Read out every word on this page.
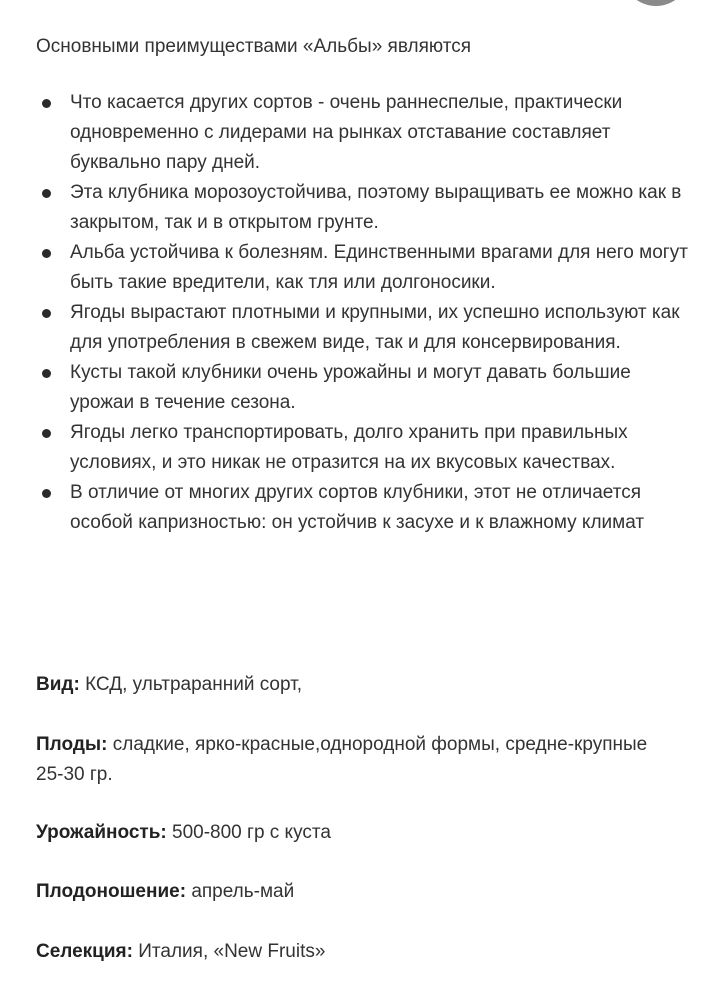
Основными преимуществами «Альбы» являются

Что касается других сортов - очень раннеспелые, практически одновременно с лидерами на рынках отставание составляет буквально пару дней.
Эта клубника морозоустойчива, поэтому выращивать ее можно как в закрытом, так и в открытом грунте.
Альба устойчива к болезням. Единственными врагами для него могут быть такие вредители, как тля или долгоносики.
Ягоды вырастают плотными и крупными, их успешно используют как для употребления в свежем виде, так и для консервирования.
Кусты такой клубники очень урожайны и могут давать большие урожаи в течение сезона.
Ягоды легко транспортировать, долго хранить при правильных условиях, и это никак не отразится на их вкусовых качествах.
В отличие от многих других сортов клубники, этот не отличается особой капризностью: он устойчив к засухе и к влажному климат

Вид: КСД, ультраранний сорт,

Плоды: сладкие, ярко-красные,однородной формы, средне-крупные 25-30 гр.

Урожайность: 500-800 гр с куста

Плодоношение: апрель-май

Селекция: Италия, «New Fruits»
